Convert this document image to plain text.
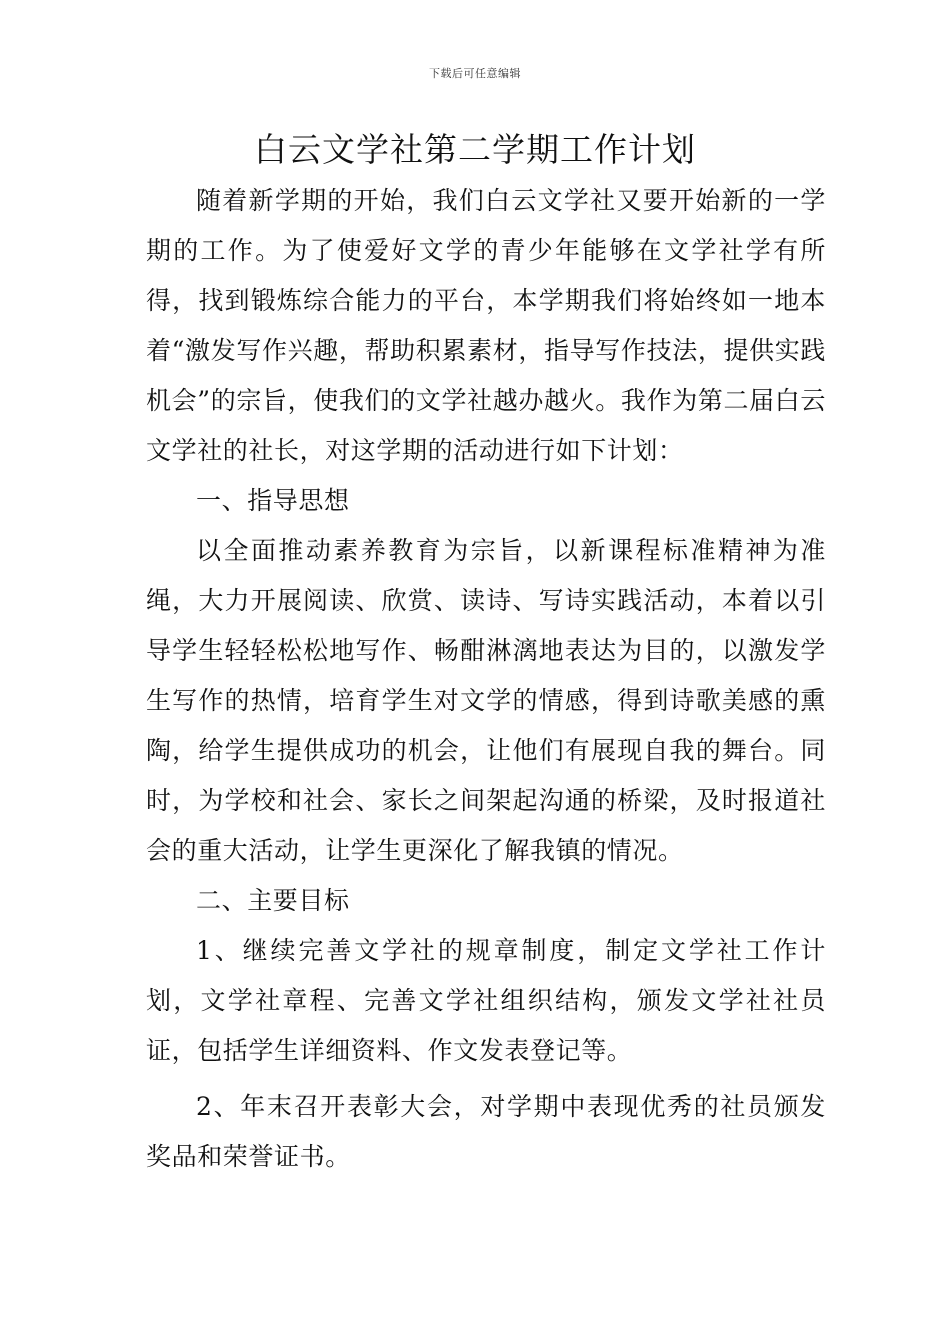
下载后可任意编辑
白云文学社第二学期工作计划

随着新学期的开始，我们白云文学社又要开始新的一学期的工作。为了使爱好文学的青少年能够在文学社学有所得，找到锻炼综合能力的平台，本学期我们将始终如一地本着“激发写作兴趣，帮助积累素材，指导写作技法，提供实践机会”的宗旨，使我们的文学社越办越火。我作为第二届白云文学社的社长，对这学期的活动进行如下计划：

一、指导思想

以全面推动素养教育为宗旨，以新课程标准精神为准绳，大力开展阅读、欣赏、读诗、写诗实践活动，本着以引导学生轻轻松松地写作、畅酣淋漓地表达为目的，以激发学生写作的热情，培育学生对文学的情感，得到诗歌美感的熏陶，给学生提供成功的机会，让他们有展现自我的舞台。同时，为学校和社会、家长之间架起沟通的桥梁，及时报道社会的重大活动，让学生更深化了解我镇的情况。

二、主要目标

1、继续完善文学社的规章制度，制定文学社工作计划，文学社章程、完善文学社组织结构，颁发文学社社员证，包括学生详细资料、作文发表登记等。

2、年末召开表彰大会，对学期中表现优秀的社员颁发奖品和荣誉证书。
